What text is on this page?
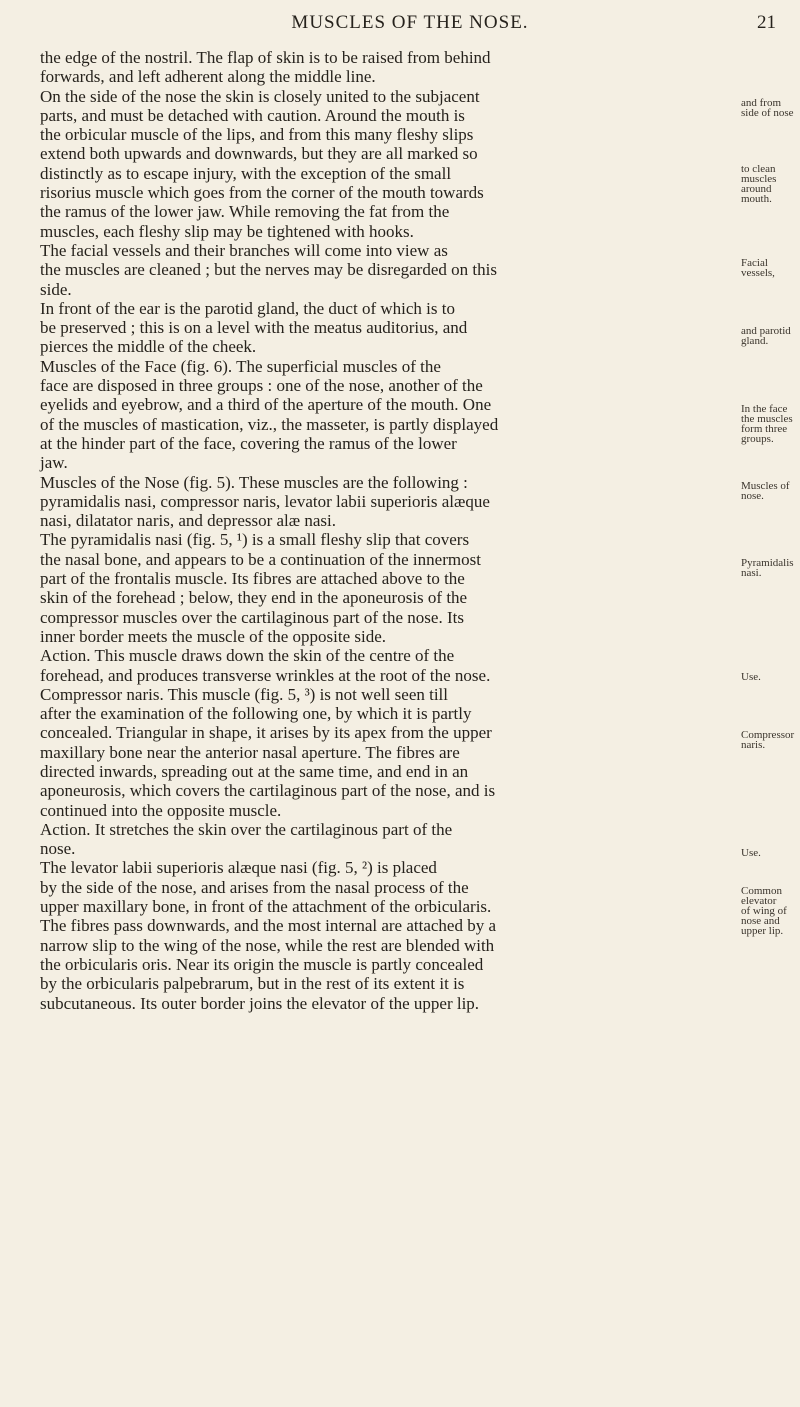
MUSCLES OF THE NOSE.	21
the edge of the nostril. The flap of skin is to be raised from behind
forwards, and left adherent along the middle line.
On the side of the nose the skin is closely united to the subjacent
parts, and must be detached with caution. Around the mouth is
the orbicular muscle of the lips, and from this many fleshy slips
extend both upwards and downwards, but they are all marked so
distinctly as to escape injury, with the exception of the small
risorius muscle which goes from the corner of the mouth towards
the ramus of the lower jaw. While removing the fat from the
muscles, each fleshy slip may be tightened with hooks.
The facial vessels and their branches will come into view as
the muscles are cleaned ; but the nerves may be disregarded on this
side.
In front of the ear is the parotid gland, the duct of which is to
be preserved ; this is on a level with the meatus auditorius, and
pierces the middle of the cheek.
Muscles of the Face (fig. 6). The superficial muscles of the
face are disposed in three groups : one of the nose, another of the
eyelids and eyebrow, and a third of the aperture of the mouth. One
of the muscles of mastication, viz., the masseter, is partly displayed
at the hinder part of the face, covering the ramus of the lower
jaw.
Muscles of the Nose (fig. 5). These muscles are the following :
pyramidalis nasi, compressor naris, levator labii superioris alæque
nasi, dilatator naris, and depressor alæ nasi.
The pyramidalis nasi (fig. 5, ¹) is a small fleshy slip that covers
the nasal bone, and appears to be a continuation of the innermost
part of the frontalis muscle. Its fibres are attached above to the
skin of the forehead ; below, they end in the aponeurosis of the
compressor muscles over the cartilaginous part of the nose. Its
inner border meets the muscle of the opposite side.
Action. This muscle draws down the skin of the centre of the
forehead, and produces transverse wrinkles at the root of the nose.
Compressor naris. This muscle (fig. 5, ³) is not well seen till
after the examination of the following one, by which it is partly
concealed. Triangular in shape, it arises by its apex from the upper
maxillary bone near the anterior nasal aperture. The fibres are
directed inwards, spreading out at the same time, and end in an
aponeurosis, which covers the cartilaginous part of the nose, and is
continued into the opposite muscle.
Action. It stretches the skin over the cartilaginous part of the
nose.
The levator labii superioris alæque nasi (fig. 5, ²) is placed
by the side of the nose, and arises from the nasal process of the
upper maxillary bone, in front of the attachment of the orbicularis.
The fibres pass downwards, and the most internal are attached by a
narrow slip to the wing of the nose, while the rest are blended with
the orbicularis oris. Near its origin the muscle is partly concealed
by the orbicularis palpebrarum, but in the rest of its extent it is
subcutaneous. Its outer border joins the elevator of the upper lip.
and from
side of nose
to clean
muscles
around
mouth.
Facial
vessels,
and parotid
gland.
In the face
the muscles
form three
groups.
Muscles of
nose.
Pyramidalis
nasi.
Use.
Compressor
naris.
Use.
Common
elevator
of wing of
nose and
upper lip.
